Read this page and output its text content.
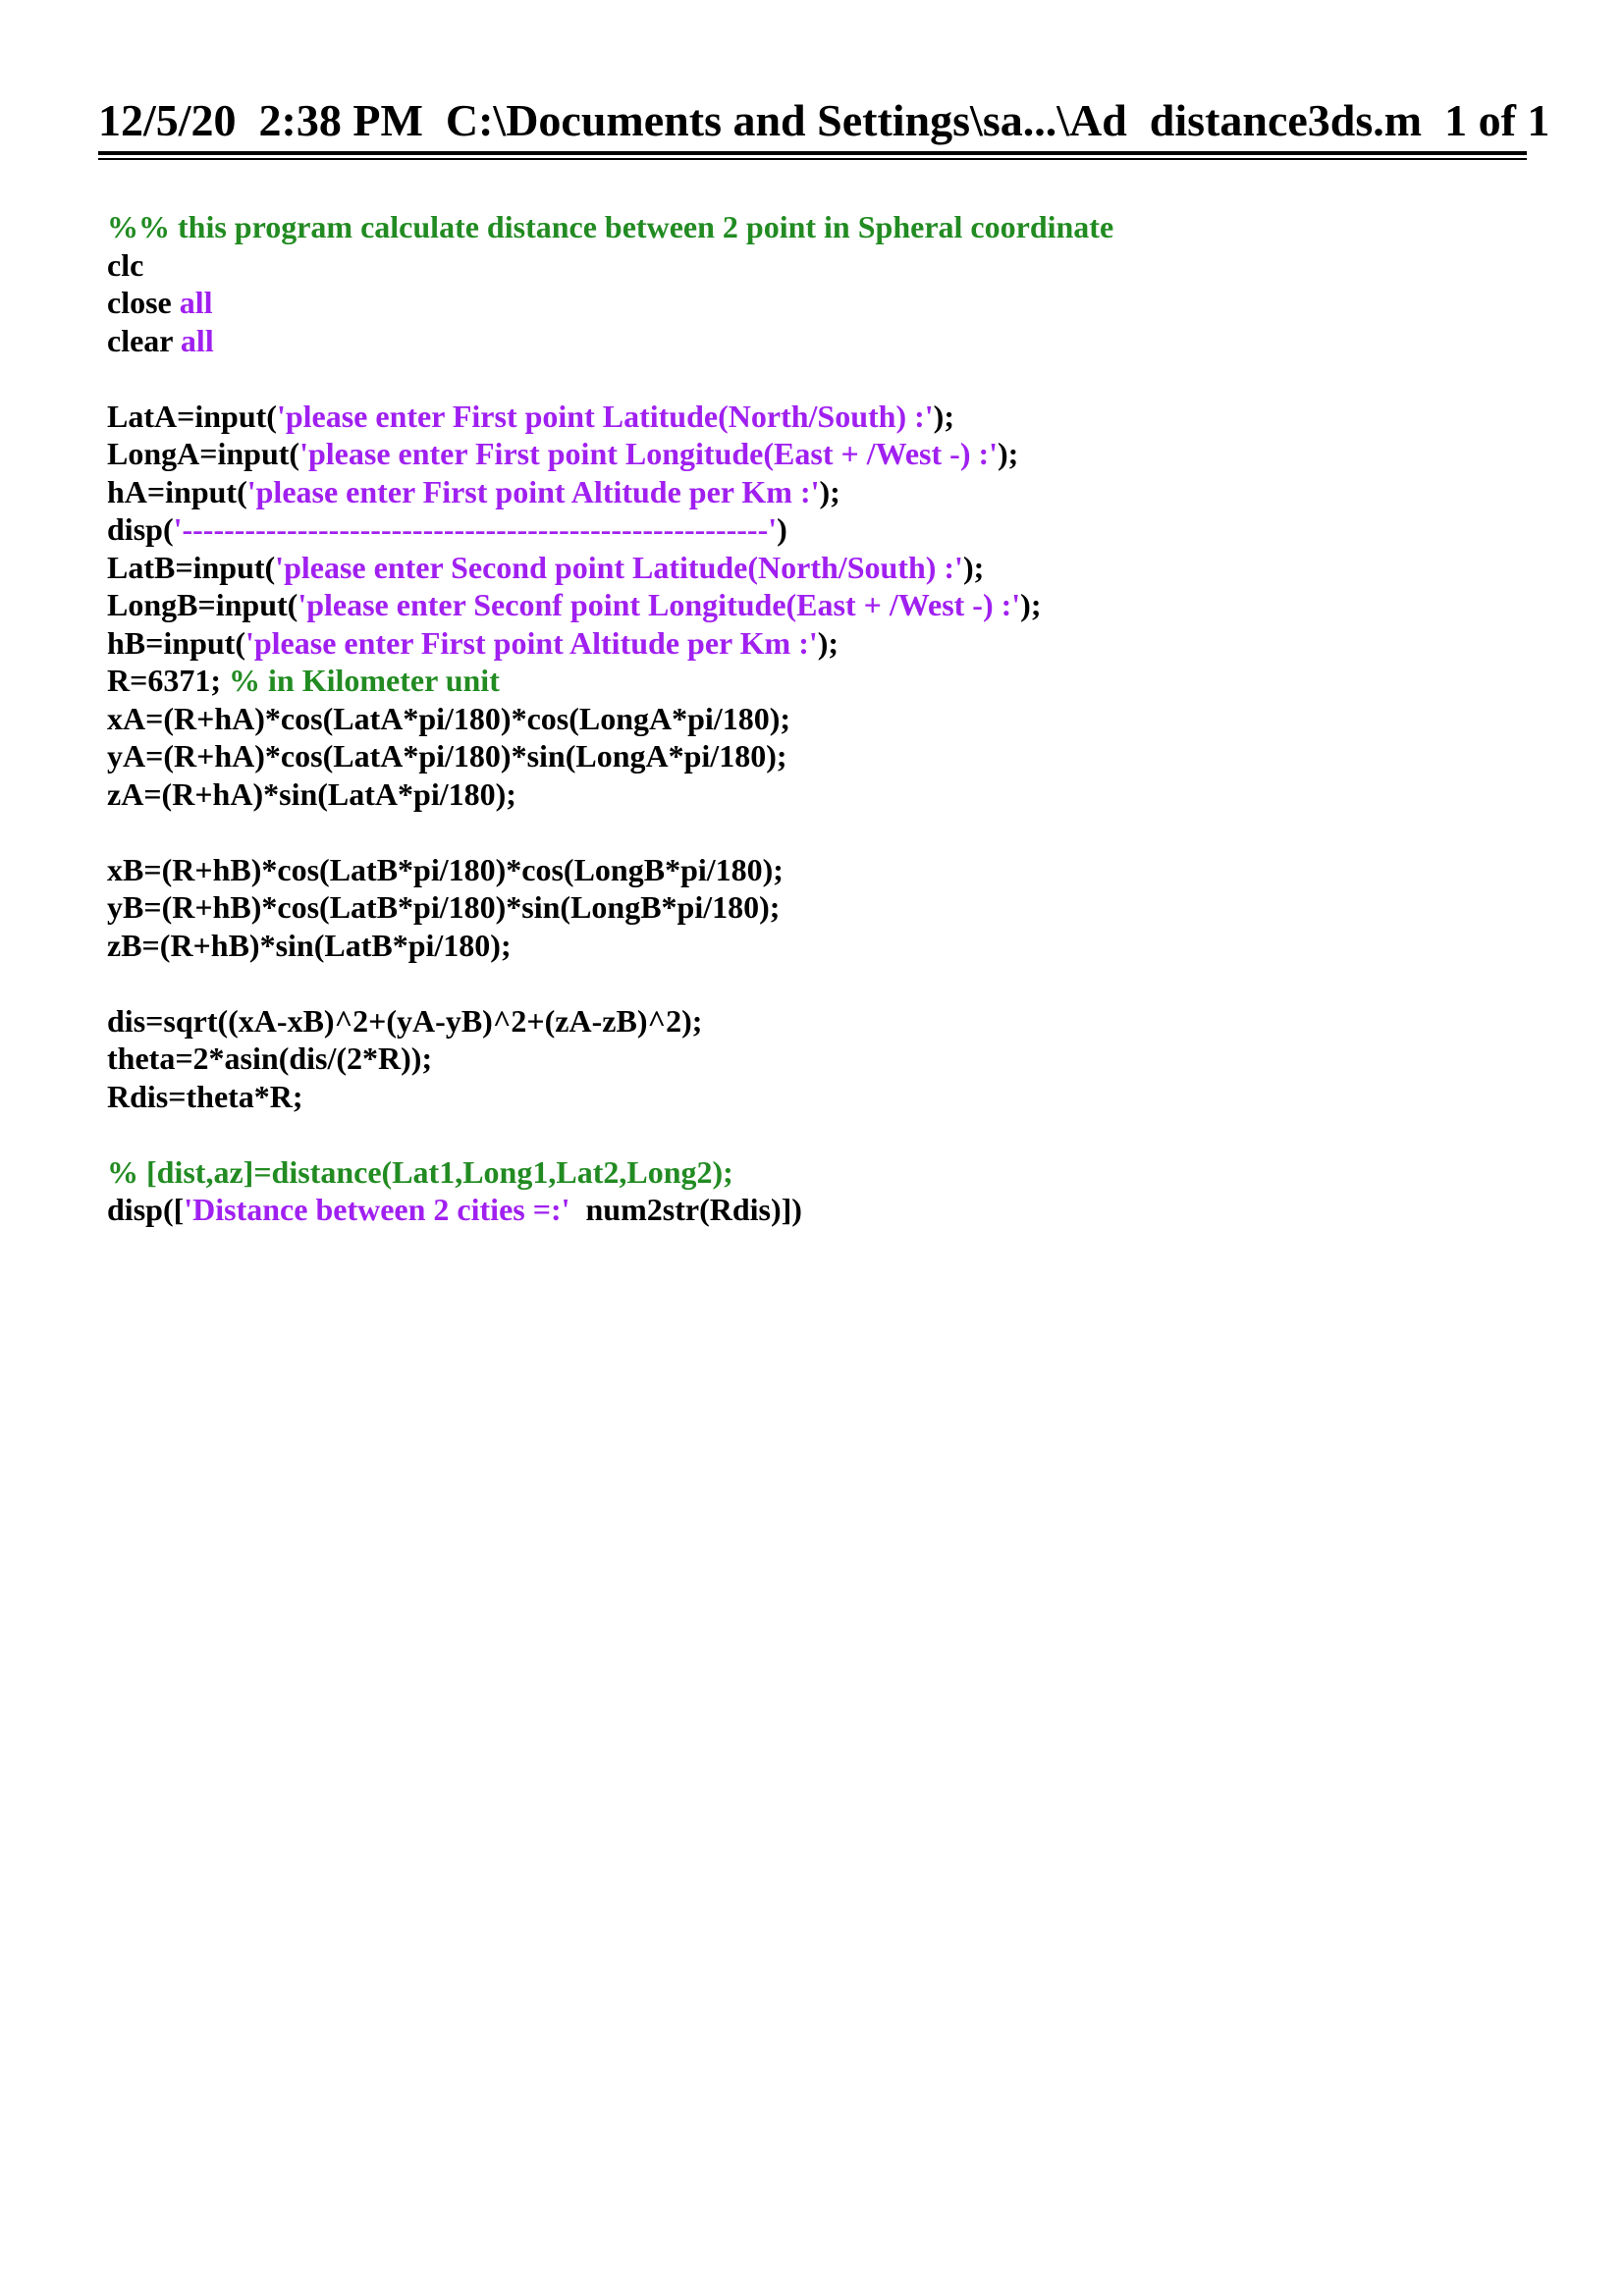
12/5/20  2:38 PM  C:\Documents and Settings\sa...\Ad  distance3ds.m  1 of 1
%% this program calculate distance between 2 point in Spheral coordinate
clc
close all
clear all
LatA=input('please enter First point Latitude(North/South) :');
LongA=input('please enter First point Longitude(East + /West -) :');
hA=input('please enter First point Altitude per Km :');
disp('--------------------------------------------------------')
LatB=input('please enter Second point Latitude(North/South) :');
LongB=input('please enter Seconf point Longitude(East + /West -) :');
hB=input('please enter First point Altitude per Km :');
R=6371; % in Kilometer unit
xA=(R+hA)*cos(LatA*pi/180)*cos(LongA*pi/180);
yA=(R+hA)*cos(LatA*pi/180)*sin(LongA*pi/180);
zA=(R+hA)*sin(LatA*pi/180);
xB=(R+hB)*cos(LatB*pi/180)*cos(LongB*pi/180);
yB=(R+hB)*cos(LatB*pi/180)*sin(LongB*pi/180);
zB=(R+hB)*sin(LatB*pi/180);
dis=sqrt((xA-xB)^2+(yA-yB)^2+(zA-zB)^2);
theta=2*asin(dis/(2*R));
Rdis=theta*R;
% [dist,az]=distance(Lat1,Long1,Lat2,Long2);
disp(['Distance between 2 cities =:'  num2str(Rdis)])
